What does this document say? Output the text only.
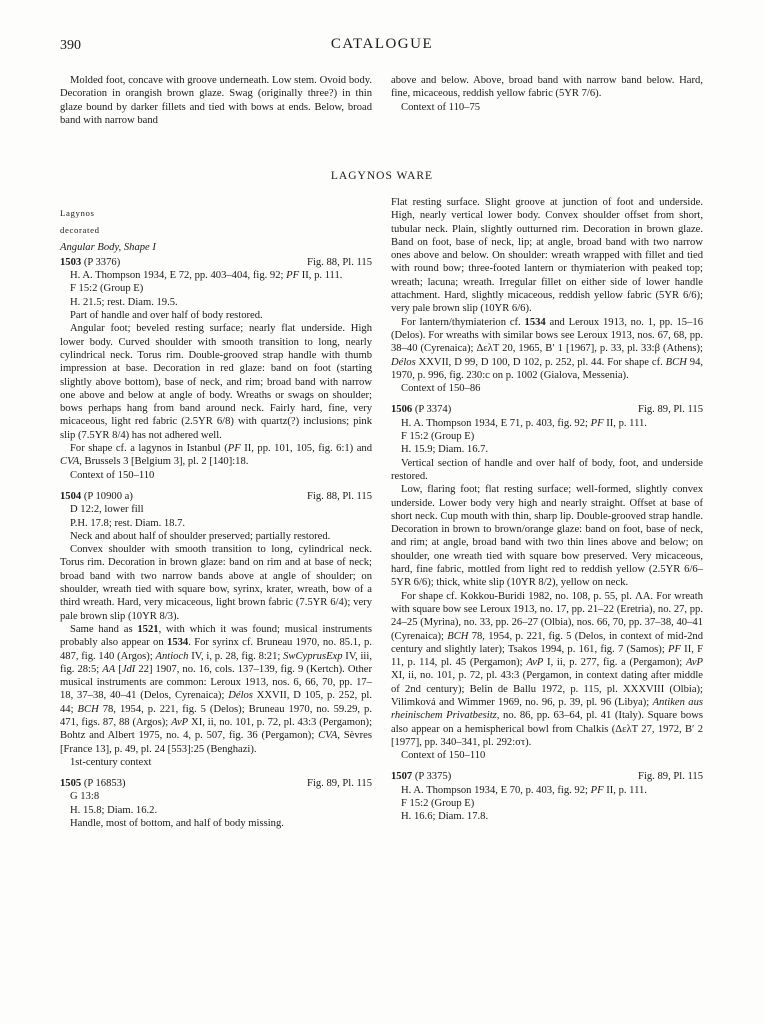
390	CATALOGUE

Molded foot, concave with groove underneath. Low stem. Ovoid body. Decoration in orangish brown glaze. Swag (originally three?) in thin glaze bound by darker fillets and tied with bows at ends. Below, broad band with narrow band

above and below. Above, broad band with narrow band below. Hard, fine, micaceous, reddish yellow fabric (5YR 7/6).

Context of 110–75

LAGYNOS WARE

Lagynos

decorated

Angular Body, Shape I

1503 (P 3376)	Fig. 88, Pl. 115

H. A. Thompson 1934, E 72, pp. 403–404, fig. 92; PF II, p. 111.

F 15:2 (Group E)

H. 21.5; rest. Diam. 19.5.

Part of handle and over half of body restored.

Angular foot; beveled resting surface; nearly flat underside. High lower body. Curved shoulder with smooth transition to long, nearly cylindrical neck. Torus rim. Double-grooved strap handle with thumb impression at base. Decoration in red glaze: band on foot (starting slightly above bottom), base of neck, and rim; broad band with narrow one above and below at angle of body. Wreaths or swags on shoulder; bows perhaps hang from band around neck. Fairly hard, fine, very micaceous, light red fabric (2.5YR 6/8) with quartz(?) inclusions; pink slip (7.5YR 8/4) has not adhered well.

For shape cf. a lagynos in Istanbul (PF II, pp. 101, 105, fig. 6:1) and CVA, Brussels 3 [Belgium 3], pl. 2 [140]:18.

Context of 150–110

1504 (P 10900 a)	Fig. 88, Pl. 115

D 12:2, lower fill

P.H. 17.8; rest. Diam. 18.7.

Neck and about half of shoulder preserved; partially restored.

Convex shoulder with smooth transition to long, cylindrical neck. Torus rim. Decoration in brown glaze: band on rim and at base of neck; broad band with two narrow bands above at angle of shoulder; on shoulder, wreath tied with square bow, syrinx, krater, wreath, bow of a third wreath. Hard, very micaceous, light brown fabric (7.5YR 6/4); very pale brown slip (10YR 8/3).

Same hand as 1521, with which it was found; musical instruments probably also appear on 1534. For syrinx cf. Bruneau 1970, no. 85.1, p. 487, fig. 140 (Argos); Antioch IV, i, p. 28, fig. 8:21; SwCyprusExp IV, iii, fig. 28:5; AA [JdI 22] 1907, no. 16, cols. 137–139, fig. 9 (Kertch). Other musical instruments are common: Leroux 1913, nos. 6, 66, 70, pp. 17–18, 37–38, 40–41 (Delos, Cyrenaica); Délos XXVII, D 105, p. 252, pl. 44; BCH 78, 1954, p. 221, fig. 5 (Delos); Bruneau 1970, no. 59.29, p. 471, figs. 87, 88 (Argos); AvP XI, ii, no. 101, p. 72, pl. 43:3 (Pergamon); Bohtz and Albert 1975, no. 4, p. 507, fig. 36 (Pergamon); CVA, Sèvres [France 13], p. 49, pl. 24 [553]:25 (Benghazi).

1st-century context

1505 (P 16853)	Fig. 89, Pl. 115

G 13:8

H. 15.8; Diam. 16.2.

Handle, most of bottom, and half of body missing.

Flat resting surface. Slight groove at junction of foot and underside. High, nearly vertical lower body. Convex shoulder offset from short, tubular neck. Plain, slightly outturned rim. Decoration in brown glaze. Band on foot, base of neck, lip; at angle, broad band with two narrow ones above and below. On shoulder: wreath wrapped with fillet and tied with round bow; three-footed lantern or thymiaterion with peaked top; wreath; lacuna; wreath. Irregular fillet on either side of lower handle attachment. Hard, slightly micaceous, reddish yellow fabric (5YR 6/6); very pale brown slip (10YR 6/6).

For lantern/thymiaterion cf. 1534 and Leroux 1913, no. 1, pp. 15–16 (Delos). For wreaths with similar bows see Leroux 1913, nos. 67, 68, pp. 38–40 (Cyrenaica); ΔελΤ 20, 1965, B′ 1 [1967], p. 33, pl. 33:β (Athens); Délos XXVII, D 99, D 100, D 102, p. 252, pl. 44. For shape cf. BCH 94, 1970, p. 996, fig. 230:c on p. 1002 (Gialova, Messenia).

Context of 150–86

1506 (P 3374)	Fig. 89, Pl. 115

H. A. Thompson 1934, E 71, p. 403, fig. 92; PF II, p. 111.

F 15:2 (Group E)

H. 15.9; Diam. 16.7.

Vertical section of handle and over half of body, foot, and underside restored.

Low, flaring foot; flat resting surface; well-formed, slightly convex underside. Lower body very high and nearly straight. Offset at base of short neck. Cup mouth with thin, sharp lip. Double-grooved strap handle. Decoration in brown to brown/orange glaze: band on foot, base of neck, and rim; at angle, broad band with two thin lines above and below; on shoulder, one wreath tied with square bow preserved. Very micaceous, hard, fine fabric, mottled from light red to reddish yellow (2.5YR 6/6–5YR 6/6); thick, white slip (10YR 8/2), yellow on neck.

For shape cf. Kokkou-Buridi 1982, no. 108, p. 55, pl. ΛΑ. For wreath with square bow see Leroux 1913, no. 17, pp. 21–22 (Eretria), no. 27, pp. 24–25 (Myrina), no. 33, pp. 26–27 (Olbia), nos. 66, 70, pp. 37–38, 40–41 (Cyrenaica); BCH 78, 1954, p. 221, fig. 5 (Delos, in context of mid-2nd century and slightly later); Tsakos 1994, p. 161, fig. 7 (Samos); PF II, F 11, p. 114, pl. 45 (Pergamon); AvP I, ii, p. 277, fig. a (Pergamon); AvP XI, ii, no. 101, p. 72, pl. 43:3 (Pergamon, in context dating after middle of 2nd century); Belin de Ballu 1972, p. 115, pl. XXXVIII (Olbia); Vilimková and Wimmer 1969, no. 96, p. 39, pl. 96 (Libya); Antiken aus rheinischem Privatbesitz, no. 86, pp. 63–64, pl. 41 (Italy). Square bows also appear on a hemispherical bowl from Chalkis (ΔελΤ 27, 1972, B′ 2 [1977], pp. 340–341, pl. 292:στ).

Context of 150–110

1507 (P 3375)	Fig. 89, Pl. 115

H. A. Thompson 1934, E 70, p. 403, fig. 92; PF II, p. 111.

F 15:2 (Group E)

H. 16.6; Diam. 17.8.
